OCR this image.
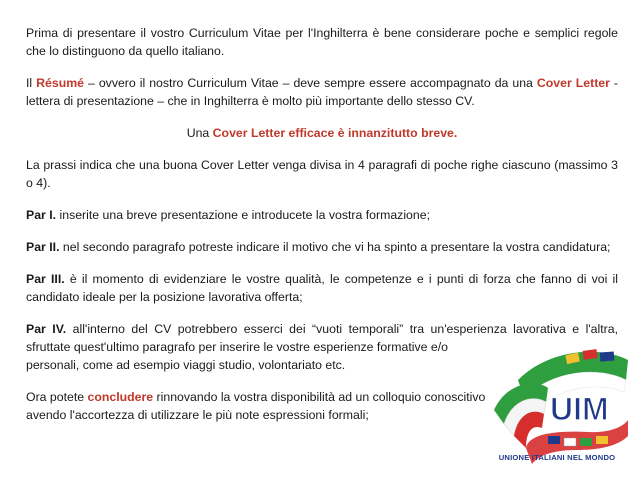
Prima di presentare il vostro Curriculum Vitae per l'Inghilterra è bene considerare poche e semplici regole che lo distinguono da quello italiano.

Il Résumé – ovvero il nostro Curriculum Vitae – deve sempre essere accompagnato da una Cover Letter - lettera di presentazione – che in Inghilterra è molto più importante dello stesso CV.

Una Cover Letter efficace è innanzitutto breve.

La prassi indica che una buona Cover Letter venga divisa in 4 paragrafi di poche righe ciascuno (massimo 3 o 4).

Par I. inserite una breve presentazione e introducete la vostra formazione;

Par II. nel secondo paragrafo potreste indicare il motivo che vi ha spinto a presentare la vostra candidatura;

Par III. è il momento di evidenziare le vostre qualità, le competenze e i punti di forza che fanno di voi il candidato ideale per la posizione lavorativa offerta;

Par IV. all'interno del CV potrebbero esserci dei “vuoti temporali” tra un'esperienza lavorativa e l'altra,
sfruttate quest'ultimo paragrafo per inserire le vostre esperienze formative e/o personali, come ad esempio viaggi studio, volontariato etc.

Ora potete concludere rinnovando la vostra disponibilità ad un colloquio conoscitivo avendo l'accortezza di utilizzare le più note espressioni formali;	UIM
UNIONE ITALIANI NEL MONDO
